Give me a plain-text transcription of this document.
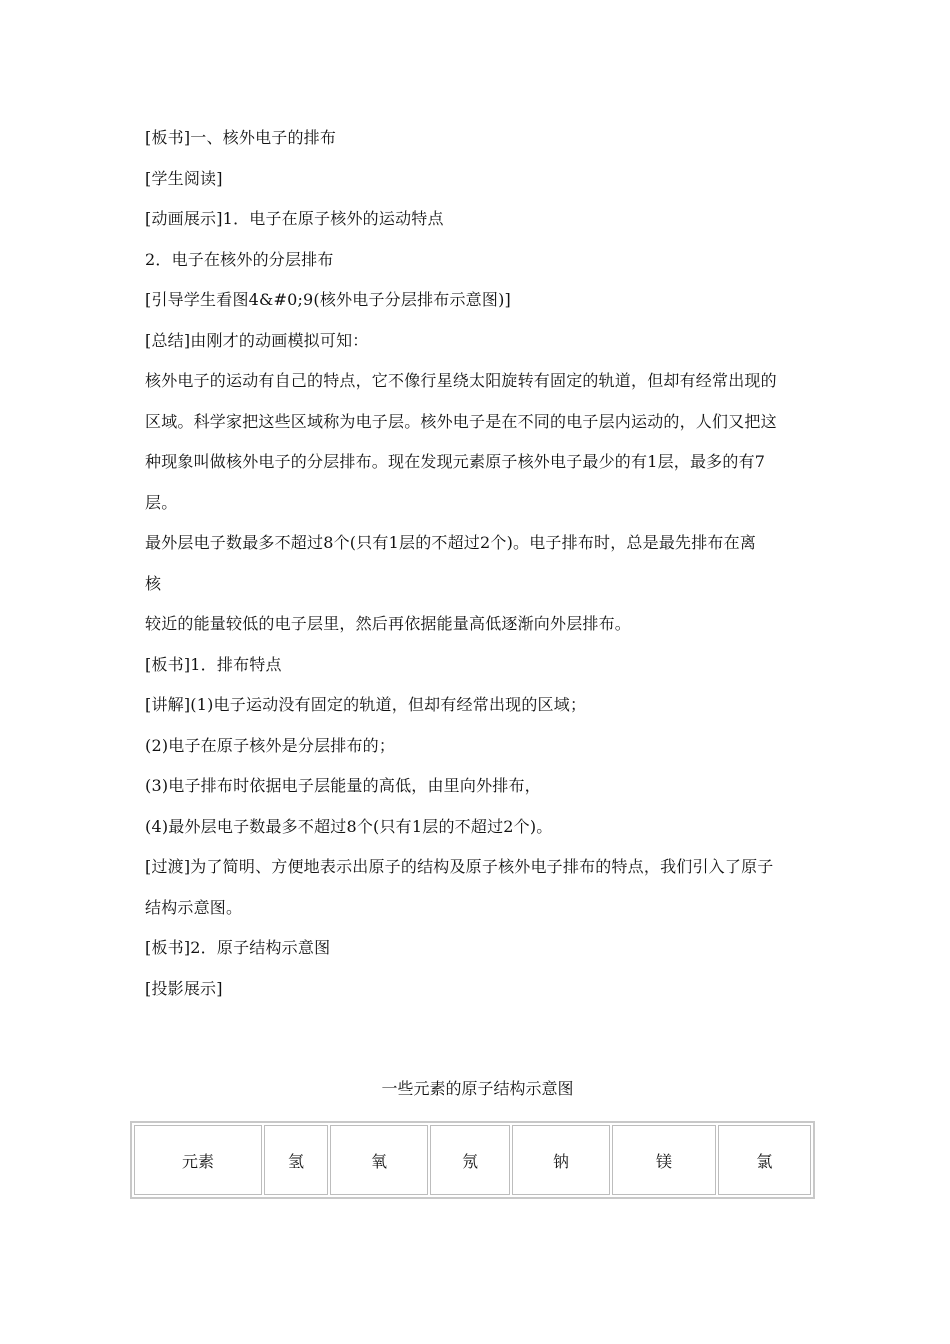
[板书]一、核外电子的排布
[学生阅读]
[动画展示]1．电子在原子核外的运动特点
2．电子在核外的分层排布
[引导学生看图4&#0;9(核外电子分层排布示意图)]
[总结]由刚才的动画模拟可知：
核外电子的运动有自己的特点，它不像行星绕太阳旋转有固定的轨道，但却有经常出现的
区域。科学家把这些区域称为电子层。核外电子是在不同的电子层内运动的，人们又把这
种现象叫做核外电子的分层排布。现在发现元素原子核外电子最少的有1层，最多的有7
层。
最外层电子数最多不超过8个(只有1层的不超过2个)。电子排布时，总是最先排布在离
核
较近的能量较低的电子层里，然后再依据能量高低逐渐向外层排布。
[板书]1．排布特点
[讲解](1)电子运动没有固定的轨道，但却有经常出现的区域；
(2)电子在原子核外是分层排布的；
(3)电子排布时依据电子层能量的高低，由里向外排布，
(4)最外层电子数最多不超过8个(只有1层的不超过2个)。
[过渡]为了简明、方便地表示出原子的结构及原子核外电子排布的特点，我们引入了原子
结构示意图。
[板书]2．原子结构示意图
[投影展示]
一些元素的原子结构示意图
元素	氢	氧	氖	钠	镁	氯
